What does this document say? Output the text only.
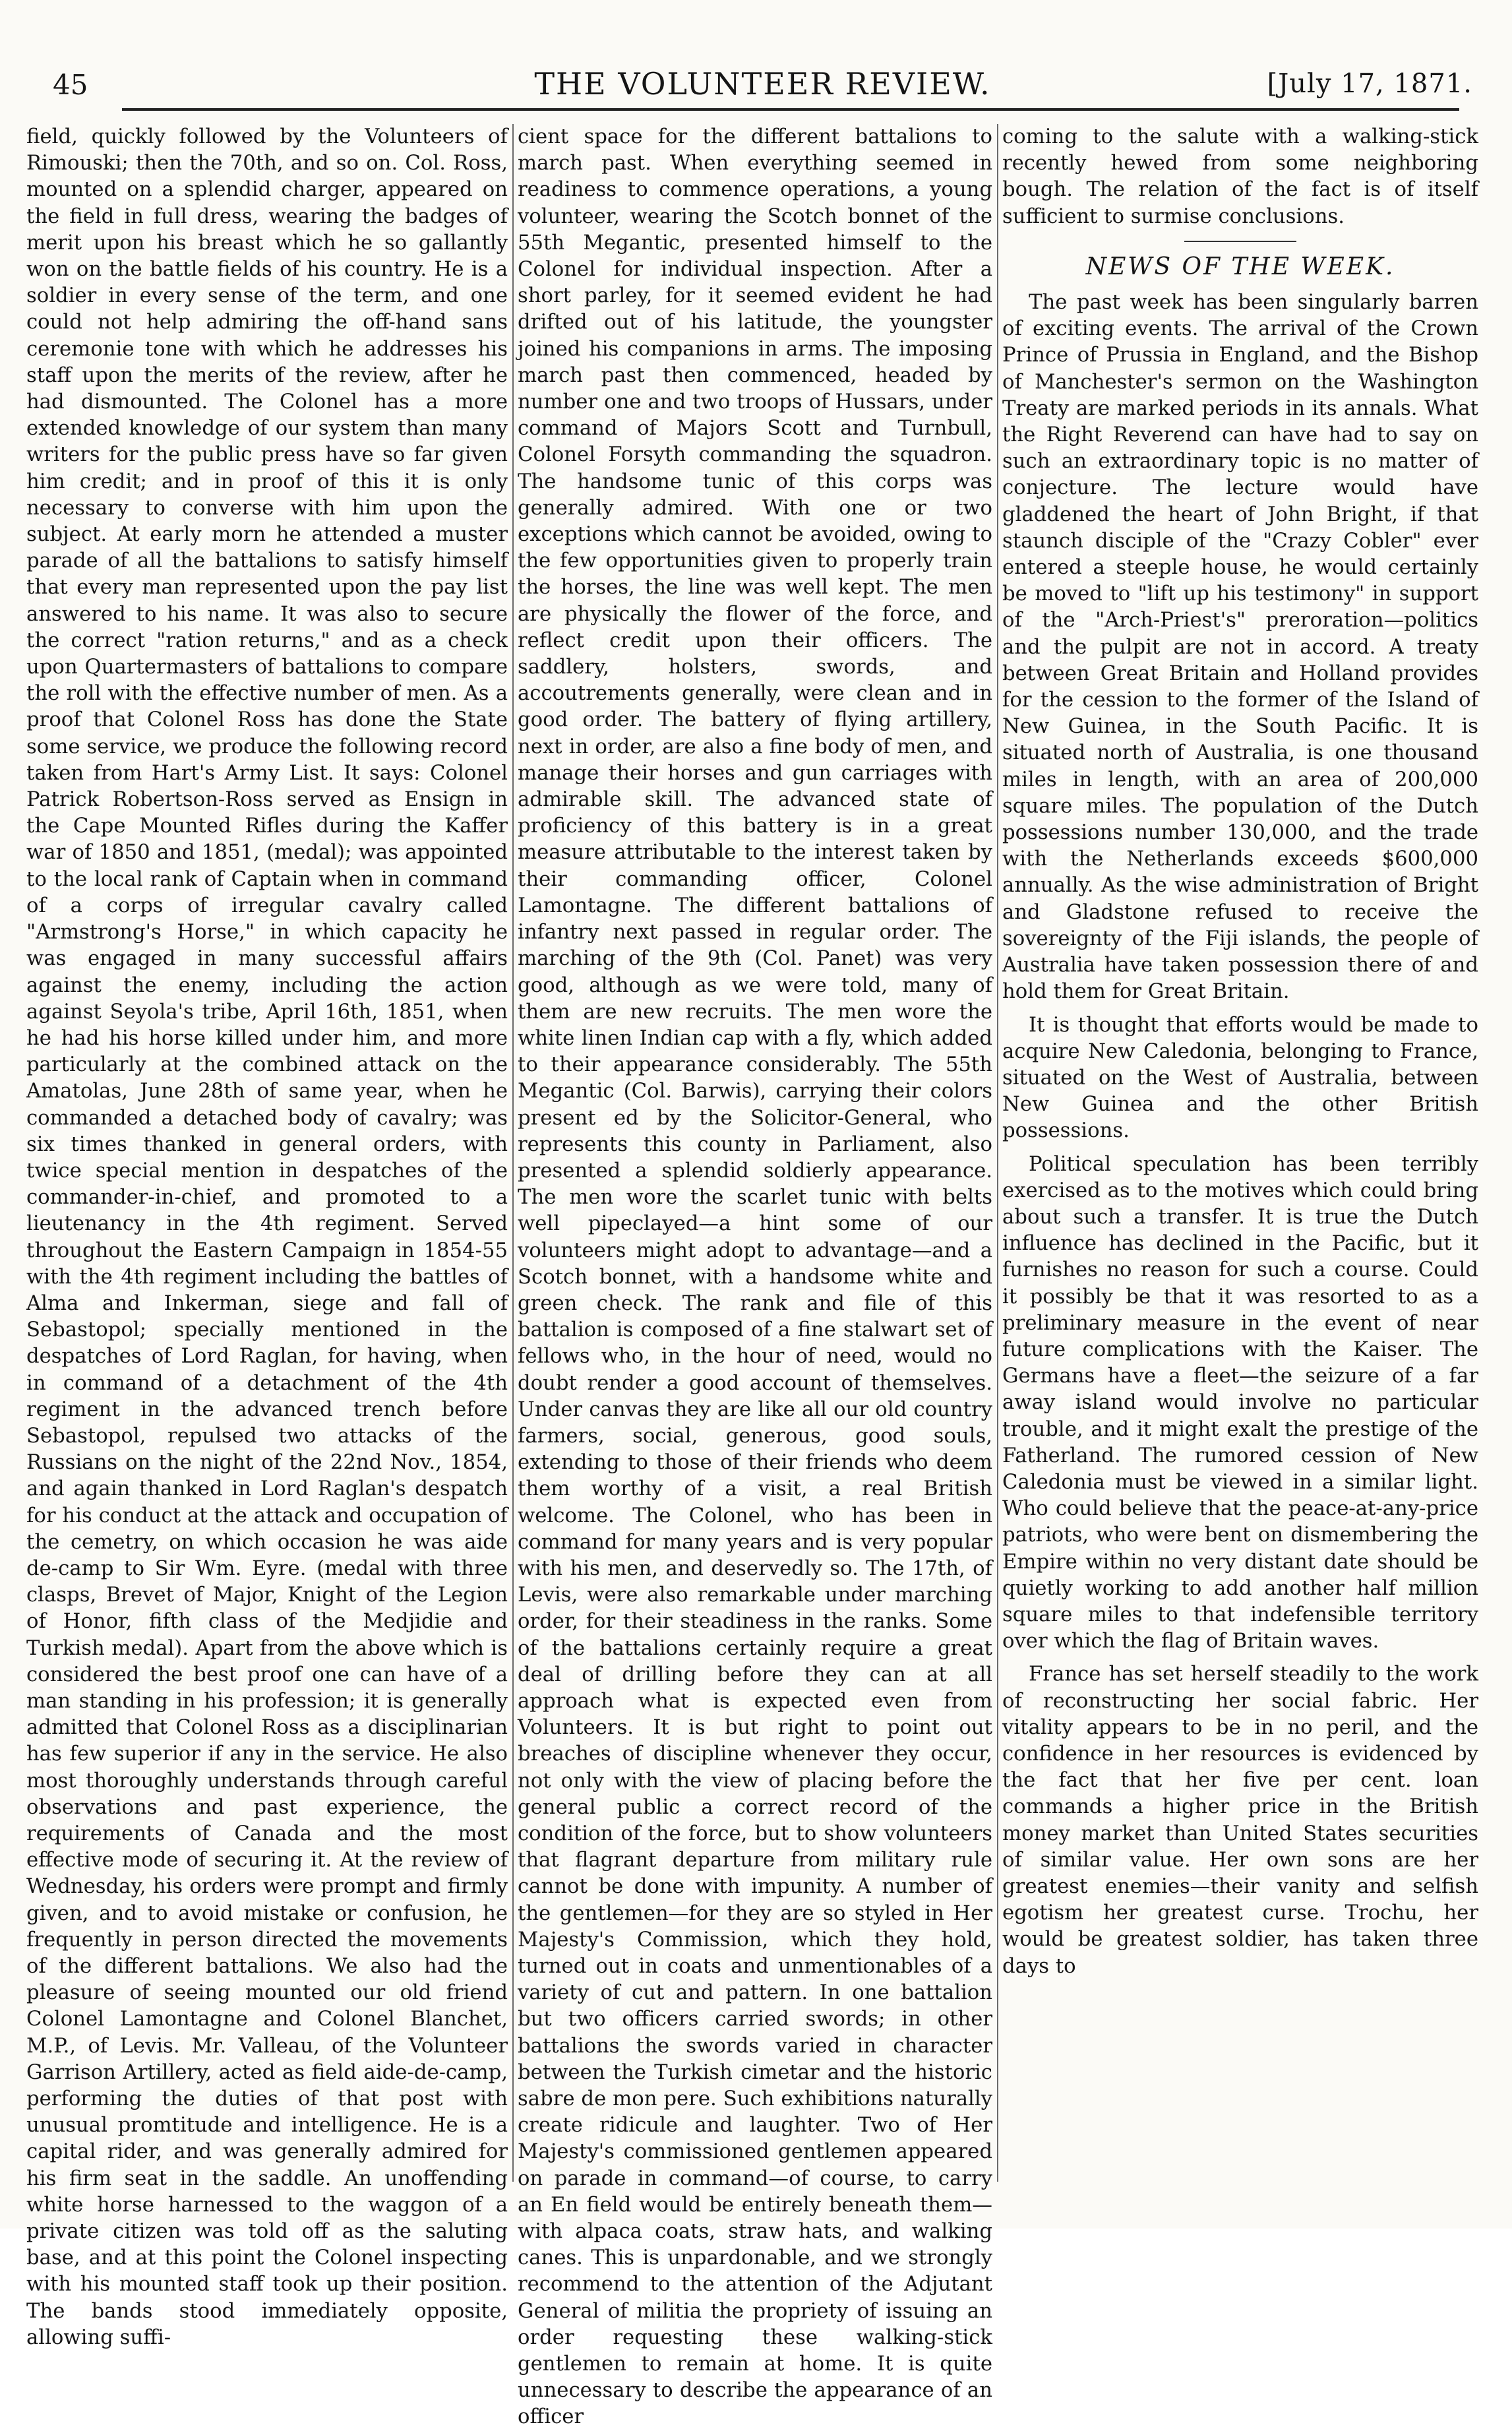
45	THE VOLUNTEER REVIEW.	[July 17, 1871.

field, quickly followed by the Volunteers of Rimouski; then the 70th, and so on. Col. Ross, mounted on a splendid charger, appeared on the field in full dress, wearing the badges of merit upon his breast which he so gallantly won on the battle fields of his country. He is a soldier in every sense of the term, and one could not help admiring the off-hand sans ceremonie tone with which he addresses his staff upon the merits of the review, after he had dismounted. The Colonel has a more extended knowledge of our system than many writers for the public press have so far given him credit; and in proof of this it is only necessary to converse with him upon the subject. At early morn he attended a muster parade of all the battalions to satisfy himself that every man represented upon the pay list answered to his name. It was also to secure the correct "ration returns," and as a check upon Quartermasters of battalions to compare the roll with the effective number of men. As a proof that Colonel Ross has done the State some service, we produce the following record taken from Hart's Army List. It says: Colonel Patrick Robertson-Ross served as Ensign in the Cape Mounted Rifles during the Kaffer war of 1850 and 1851, (medal); was appointed to the local rank of Captain when in command of a corps of irregular cavalry called "Armstrong's Horse," in which capacity he was engaged in many successful affairs against the enemy, including the action against Seyola's tribe, April 16th, 1851, when he had his horse killed under him, and more particularly at the combined attack on the Amatolas, June 28th of same year, when he commanded a detached body of cavalry; was six times thanked in general orders, with twice special mention in despatches of the commander-in-chief, and promoted to a lieutenancy in the 4th regiment. Served throughout the Eastern Campaign in 1854-55 with the 4th regiment including the battles of Alma and Inkerman, siege and fall of Sebastopol; specially mentioned in the despatches of Lord Raglan, for having, when in command of a detachment of the 4th regiment in the advanced trench before Sebastopol, repulsed two attacks of the Russians on the night of the 22nd Nov., 1854, and again thanked in Lord Raglan's despatch for his conduct at the attack and occupation of the cemetry, on which occasion he was aide de-camp to Sir Wm. Eyre. (medal with three clasps, Brevet of Major, Knight of the Legion of Honor, fifth class of the Medjidie and Turkish medal). Apart from the above which is considered the best proof one can have of a man standing in his profession; it is generally admitted that Colonel Ross as a disciplinarian has few superior if any in the service. He also most thoroughly understands through careful observations and past experience, the requirements of Canada and the most effective mode of securing it. At the review of Wednesday, his orders were prompt and firmly given, and to avoid mistake or confusion, he frequently in person directed the movements of the different battalions. We also had the pleasure of seeing mounted our old friend Colonel Lamontagne and Colonel Blanchet, M.P., of Levis. Mr. Valleau, of the Volunteer Garrison Artillery, acted as field aide-de-camp, performing the duties of that post with unusual promtitude and intelligence. He is a capital rider, and was generally admired for his firm seat in the saddle. An unoffending white horse harnessed to the waggon of a private citizen was told off as the saluting base, and at this point the Colonel inspecting with his mounted staff took up their position. The bands stood immediately opposite, allowing suffi-

cient space for the different battalions to march past. When everything seemed in readiness to commence operations, a young volunteer, wearing the Scotch bonnet of the 55th Megantic, presented himself to the Colonel for individual inspection. After a short parley, for it seemed evident he had drifted out of his latitude, the youngster joined his companions in arms. The imposing march past then commenced, headed by number one and two troops of Hussars, under command of Majors Scott and Turnbull, Colonel Forsyth commanding the squadron. The handsome tunic of this corps was generally admired. With one or two exceptions which cannot be avoided, owing to the few opportunities given to properly train the horses, the line was well kept. The men are physically the flower of the force, and reflect credit upon their officers. The saddlery, holsters, swords, and accoutrements generally, were clean and in good order. The battery of flying artillery, next in order, are also a fine body of men, and manage their horses and gun carriages with admirable skill. The advanced state of proficiency of this battery is in a great measure attributable to the interest taken by their commanding officer, Colonel Lamontagne. The different battalions of infantry next passed in regular order. The marching of the 9th (Col. Panet) was very good, although as we were told, many of them are new recruits. The men wore the white linen Indian cap with a fly, which added to their appearance considerably. The 55th Megantic (Col. Barwis), carrying their colors present ed by the Solicitor-General, who represents this county in Parliament, also presented a splendid soldierly appearance. The men wore the scarlet tunic with belts well pipeclayed—a hint some of our volunteers might adopt to advantage—and a Scotch bonnet, with a handsome white and green check. The rank and file of this battalion is composed of a fine stalwart set of fellows who, in the hour of need, would no doubt render a good account of themselves. Under canvas they are like all our old country farmers, social, generous, good souls, extending to those of their friends who deem them worthy of a visit, a real British welcome. The Colonel, who has been in command for many years and is very popular with his men, and deservedly so. The 17th, of Levis, were also remarkable under marching order, for their steadiness in the ranks. Some of the battalions certainly require a great deal of drilling before they can at all approach what is expected even from Volunteers. It is but right to point out breaches of discipline whenever they occur, not only with the view of placing before the general public a correct record of the condition of the force, but to show volunteers that flagrant departure from military rule cannot be done with impunity. A number of the gentlemen—for they are so styled in Her Majesty's Commission, which they hold, turned out in coats and unmentionables of a variety of cut and pattern. In one battalion but two officers carried swords; in other battalions the swords varied in character between the Turkish cimetar and the historic sabre de mon pere. Such exhibitions naturally create ridicule and laughter. Two of Her Majesty's commissioned gentlemen appeared on parade in command—of course, to carry an En field would be entirely beneath them—with alpaca coats, straw hats, and walking canes. This is unpardonable, and we strongly recommend to the attention of the Adjutant General of militia the propriety of issuing an order requesting these walking-stick gentlemen to remain at home. It is quite unnecessary to describe the appearance of an officer

coming to the salute with a walking-stick recently hewed from some neighboring bough. The relation of the fact is of itself sufficient to surmise conclusions.

NEWS OF THE WEEK.

The past week has been singularly barren of exciting events. The arrival of the Crown Prince of Prussia in England, and the Bishop of Manchester's sermon on the Washington Treaty are marked periods in its annals. What the Right Reverend can have had to say on such an extraordinary topic is no matter of conjecture. The lecture would have gladdened the heart of John Bright, if that staunch disciple of the "Crazy Cobler" ever entered a steeple house, he would certainly be moved to "lift up his testimony" in support of the "Arch-Priest's" preroration—politics and the pulpit are not in accord. A treaty between Great Britain and Holland provides for the cession to the former of the Island of New Guinea, in the South Pacific. It is situated north of Australia, is one thousand miles in length, with an area of 200,000 square miles. The population of the Dutch possessions number 130,000, and the trade with the Netherlands exceeds $600,000 annually. As the wise administration of Bright and Gladstone refused to receive the sovereignty of the Fiji islands, the people of Australia have taken possession there of and hold them for Great Britain.

It is thought that efforts would be made to acquire New Caledonia, belonging to France, situated on the West of Australia, between New Guinea and the other British possessions.

Political speculation has been terribly exercised as to the motives which could bring about such a transfer. It is true the Dutch influence has declined in the Pacific, but it furnishes no reason for such a course. Could it possibly be that it was resorted to as a preliminary measure in the event of near future complications with the Kaiser. The Germans have a fleet—the seizure of a far away island would involve no particular trouble, and it might exalt the prestige of the Fatherland. The rumored cession of New Caledonia must be viewed in a similar light. Who could believe that the peace-at-any-price patriots, who were bent on dismembering the Empire within no very distant date should be quietly working to add another half million square miles to that indefensible territory over which the flag of Britain waves.

France has set herself steadily to the work of reconstructing her social fabric. Her vitality appears to be in no peril, and the confidence in her resources is evidenced by the fact that her five per cent. loan commands a higher price in the British money market than United States securities of similar value. Her own sons are her greatest enemies—their vanity and selfish egotism her greatest curse. Trochu, her would be greatest soldier, has taken three days to
